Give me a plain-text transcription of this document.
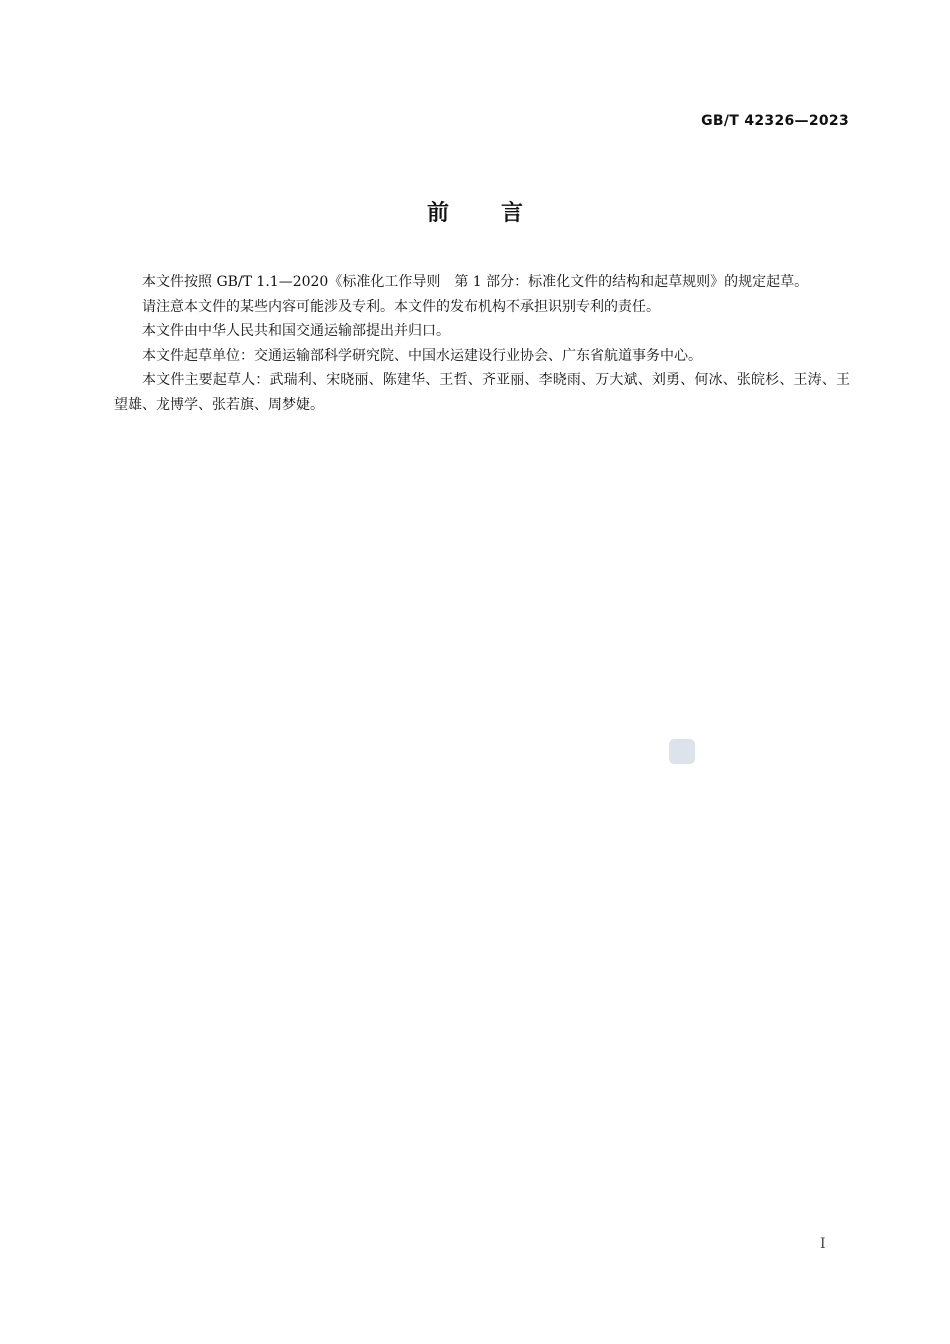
GB/T 42326—2023
前 言

本文件按照 GB/T 1.1—2020《标准化工作导则　第 1 部分：标准化文件的结构和起草规则》的规定起草。

请注意本文件的某些内容可能涉及专利。本文件的发布机构不承担识别专利的责任。

本文件由中华人民共和国交通运输部提出并归口。

本文件起草单位：交通运输部科学研究院、中国水运建设行业协会、广东省航道事务中心。

本文件主要起草人：武瑞利、宋晓丽、陈建华、王哲、齐亚丽、李晓雨、万大斌、刘勇、何冰、张皖杉、王涛、王望雄、龙博学、张若旗、周梦婕。

I
